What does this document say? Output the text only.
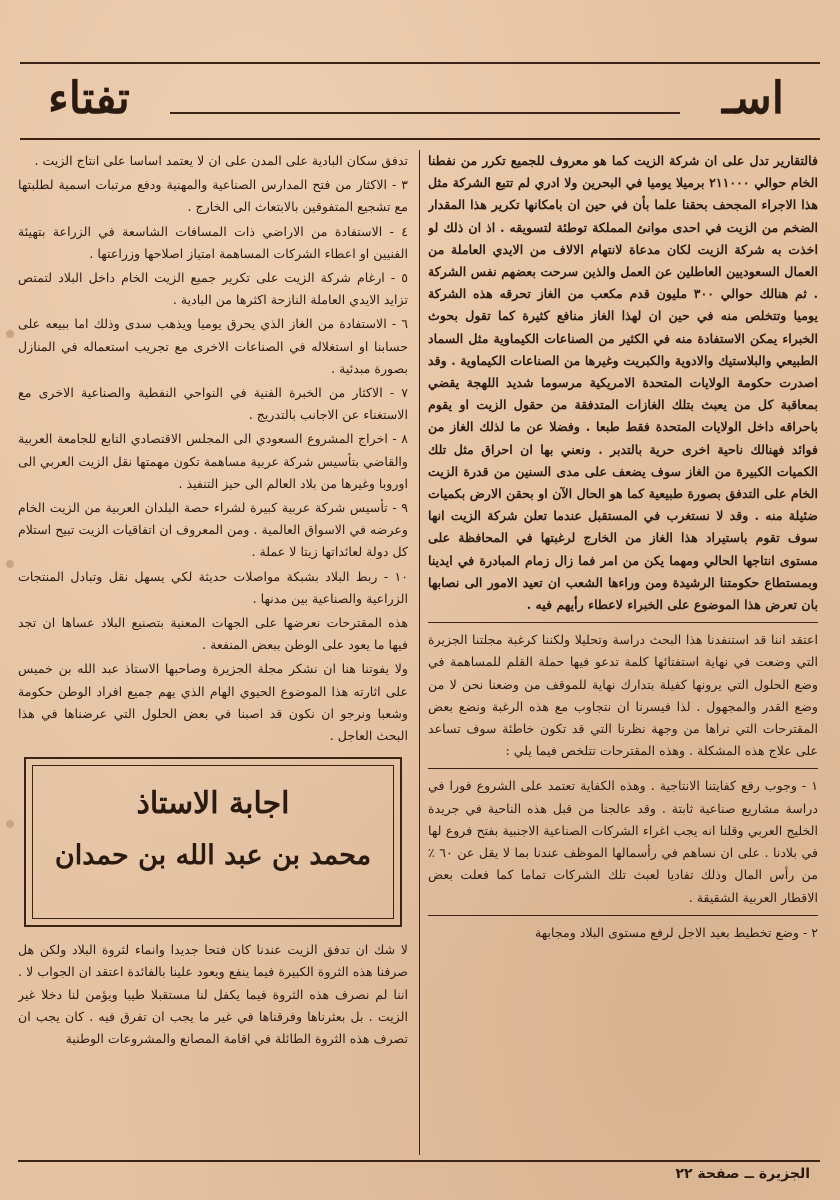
اسـ
تفتاء

فالتقارير تدل على ان شركة الزيت كما هو معروف للجميع تكرر من نفطنا الخام حوالي ٢١١٠٠٠ برميلا يوميا في البحرين ولا ادري لم تتبع الشركة مثل هذا الاجراء المجحف بحقنا علما بأن في حين ان بامكانها تكرير هذا المقدار الضخم من الزيت في احدى موانئ المملكة توطئة لتسويقه . اذ ان ذلك لو اخذت به شركة الزيت لكان مدعاة لانتهام الالاف من الايدي العاملة من العمال السعوديين العاطلين عن العمل والذين سرحت بعضهم نفس الشركة . ثم هنالك حوالي ٣٠٠ مليون قدم مكعب من الغاز تحرقه هذه الشركة يوميا وتتخلص منه في حين ان لهذا الغاز منافع كثيرة كما تقول بحوث الخبراء يمكن الاستفادة منه في الكثير من الصناعات الكيماوية مثل السماد الطبيعي والبلاستيك والادوية والكبريت وغيرها من الصناعات الكيماوية . وقد اصدرت حكومة الولايات المتحدة الامريكية مرسوما شديد اللهجة يقضي بمعاقبة كل من يعبث بتلك الغازات المتدفقة من حقول الزيت او يقوم باحراقه داخل الولايات المتحدة فقط طبعا . وفضلا عن ما لذلك الغاز من فوائد فهنالك ناحية اخرى حرية بالتدبر . ونعني بها ان احراق مثل تلك الكميات الكبيرة من الغاز سوف يضعف على مدى السنين من قدرة الزيت الخام على التدفق بصورة طبيعية كما هو الحال الآن او بحقن الارض بكميات ضئيلة منه . وقد لا نستغرب في المستقبل عندما تعلن شركة الزيت انها سوف تقوم باستيراد هذا الغاز من الخارج لرغبتها في المحافظة على مستوى انتاجها الحالي ومهما يكن من امر فما زال زمام المبادرة في ايدينا وبمستطاع حكومتنا الرشيدة ومن وراءها الشعب ان تعيد الامور الى نصابها بان تعرض هذا الموضوع على الخبراء لاعطاء رأيهم فيه .

اعتقد اننا قد استنفدنا هذا البحث دراسة وتحليلا ولكننا كرغبة مجلتنا الجزيرة التي وضعت في نهاية استفتائها كلمة تدعو فيها حملة القلم للمساهمة في وضع الحلول التي يرونها كفيلة بتدارك نهاية للموقف من وضعنا نحن لا من وضع القدر والمجهول . لذا فيسرنا ان نتجاوب مع هذه الرغبة ونضع بعض المقترحات التي نراها من وجهة نظرنا التي قد تكون خاطئة سوف تساعد على علاج هذه المشكلة . وهذه المقترحات تتلخص فيما يلي :

١ - وجوب رفع كفايتنا الانتاجية . وهذه الكفاية تعتمد على الشروع فورا في دراسة مشاريع صناعية ثابتة . وقد عالجنا من قبل هذه الناحية في جريدة الخليج العربي وقلنا انه يجب اغراء الشركات الصناعية الاجنبية بفتح فروع لها في بلادنا . على ان نساهم في رأسمالها الموظف عندنا بما لا يقل عن ٦٠ ٪ من رأس المال وذلك تفاديا لعبث تلك الشركات تماما كما فعلت بعض الاقطار العربية الشقيقة .

٢ - وضع تخطيط بعيد الاجل لرفع مستوى البلاد ومجابهة

تدفق سكان البادية على المدن على ان لا يعتمد اساسا على انتاج الزيت .

٣ - الاكثار من فتح المدارس الصناعية والمهنية ودفع مرتبات اسمية لطلبتها مع تشجيع المتفوقين بالابتعاث الى الخارج .

٤ - الاستفادة من الاراضي ذات المسافات الشاسعة في الزراعة بتهيئة الفنيين او اعطاء الشركات المساهمة امتياز اصلاحها وزراعتها .

٥ - ارغام شركة الزيت على تكرير جميع الزيت الخام داخل البلاد لتمتص تزايد الايدي العاملة النازحة اكثرها من البادية .

٦ - الاستفادة من الغاز الذي يحرق يوميا ويذهب سدى وذلك اما ببيعه على حسابنا او استغلاله في الصناعات الاخرى مع تجريب استعماله في المنازل بصورة مبدئية .

٧ - الاكثار من الخبرة الفنية في النواحي النفطية والصناعية الاخرى مع الاستغناء عن الاجانب بالتدريج .

٨ - اخراج المشروع السعودي الى المجلس الاقتصادي التابع للجامعة العربية والقاضي بتأسيس شركة عربية مساهمة تكون مهمتها نقل الزيت العربي الى اوروبا وغيرها من بلاد العالم الى حيز التنفيذ .

٩ - تأسيس شركة عربية كبيرة لشراء حصة البلدان العربية من الزيت الخام وعرضه في الاسواق العالمية . ومن المعروف ان اتفاقيات الزيت تبيح استلام كل دولة لعائداتها زيتا لا عملة .

١٠ - ربط البلاد بشبكة مواصلات حديثة لكي يسهل نقل وتبادل المنتجات الزراعية والصناعية بين مدنها .

هذه المقترحات نعرضها على الجهات المعنية بتصنيع البلاد عساها ان تجد فيها ما يعود على الوطن ببعض المنفعة .

ولا يفوتنا هنا ان نشكر مجلة الجزيرة وصاحبها الاستاذ عبد الله بن خميس على اثارته هذا الموضوع الحيوي الهام الذي يهم جميع افراد الوطن حكومة وشعبا ونرجو ان نكون قد اصبنا في بعض الحلول التي عرضناها في هذا البحث العاجل .

اجابة الاستاذ
محمد بن عبد الله بن حمدان

لا شك ان تدفق الزيت عندنا كان فتحا جديدا وانماء لثروة البلاد ولكن هل صرفنا هذه الثروة الكبيرة فيما ينفع ويعود علينا بالفائدة اعتقد ان الجواب لا . اننا لم نصرف هذه الثروة فيما يكفل لنا مستقبلا طيبا ويؤمن لنا دخلا غير الزيت . بل بعثرناها وفرقناها في غير ما يجب ان تفرق فيه . كان يجب ان تصرف هذه الثروة الطائلة في اقامة المصانع والمشروعات الوطنية

الجزيرة ــ صفحة ٢٢
